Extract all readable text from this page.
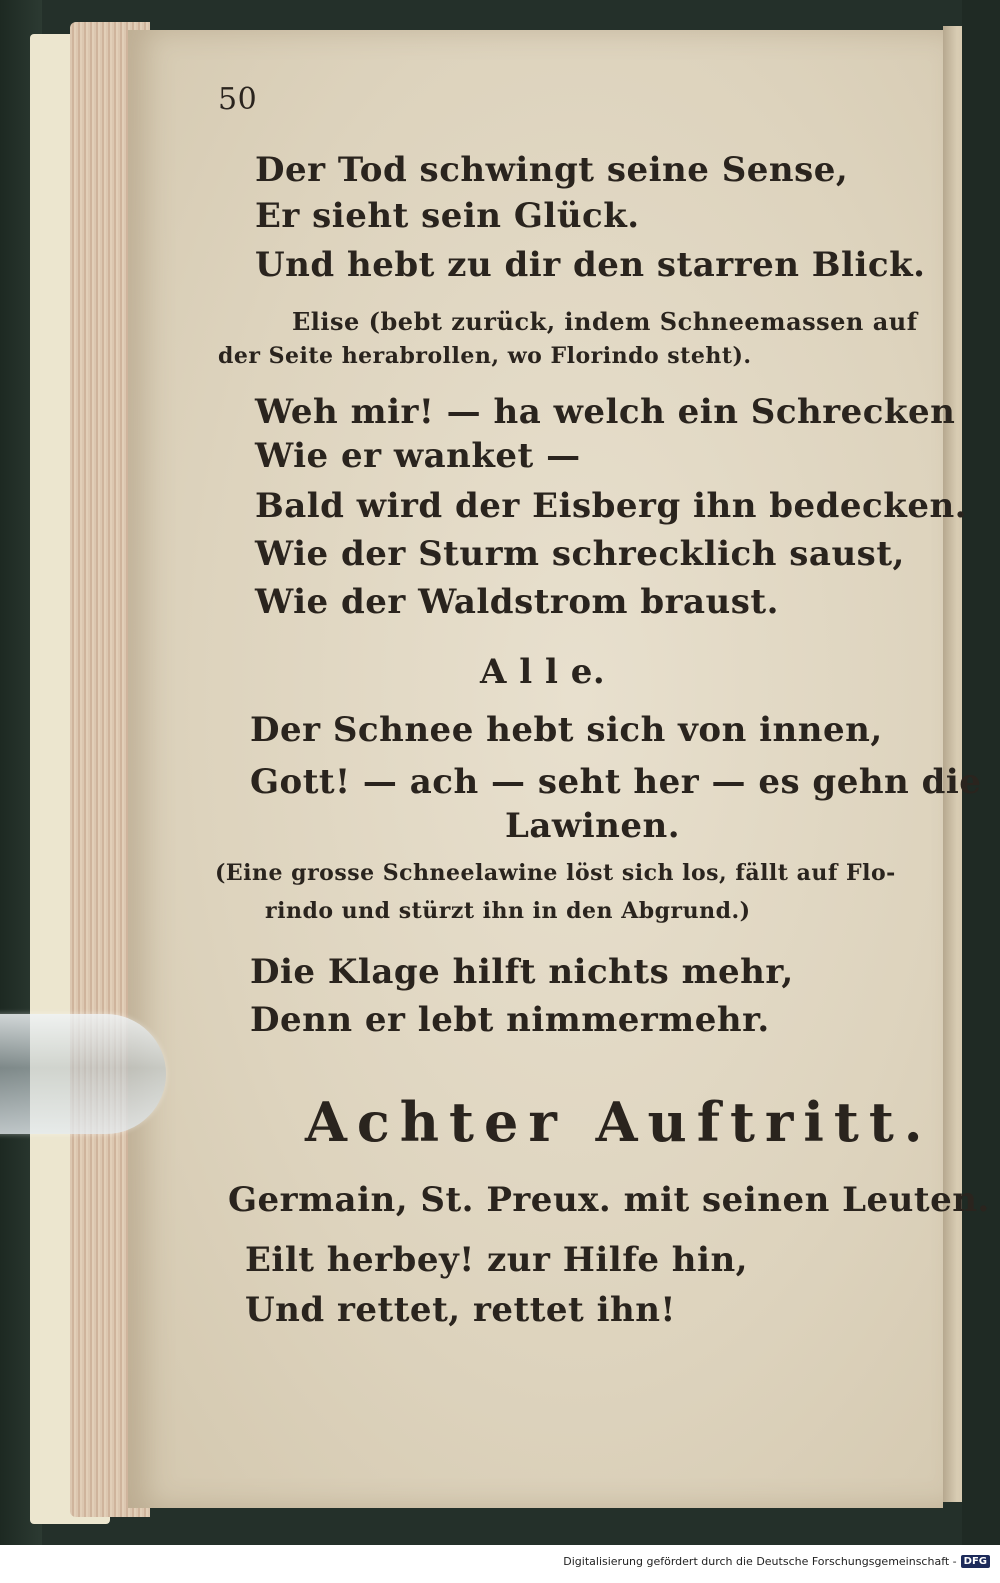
50
Der Tod schwingt seine Sense,
Er sieht sein Glück.
Und hebt zu dir den starren Blick.
Elise (bebt zurück, indem Schneemassen auf
der Seite herabrollen, wo Florindo steht).
Weh mir! — ha welch ein Schrecken
Wie er wanket —
Bald wird der Eisberg ihn bedecken.
Wie der Sturm schrecklich saust,
Wie der Waldstrom braust.
A l l e.
Der Schnee hebt sich von innen,
Gott! — ach — seht her — es gehn die
Lawinen.
(Eine grosse Schneelawine löst sich los, fällt auf Flo-
rindo und stürzt ihn in den Abgrund.)
Die Klage hilft nichts mehr,
Denn er lebt nimmermehr.
Achter Auftritt.
Germain, St. Preux. mit seinen Leuten.
Eilt herbey! zur Hilfe hin,
Und rettet, rettet ihn!
Digitalisierung gefördert durch die Deutsche Forschungsgemeinschaft - DFG
